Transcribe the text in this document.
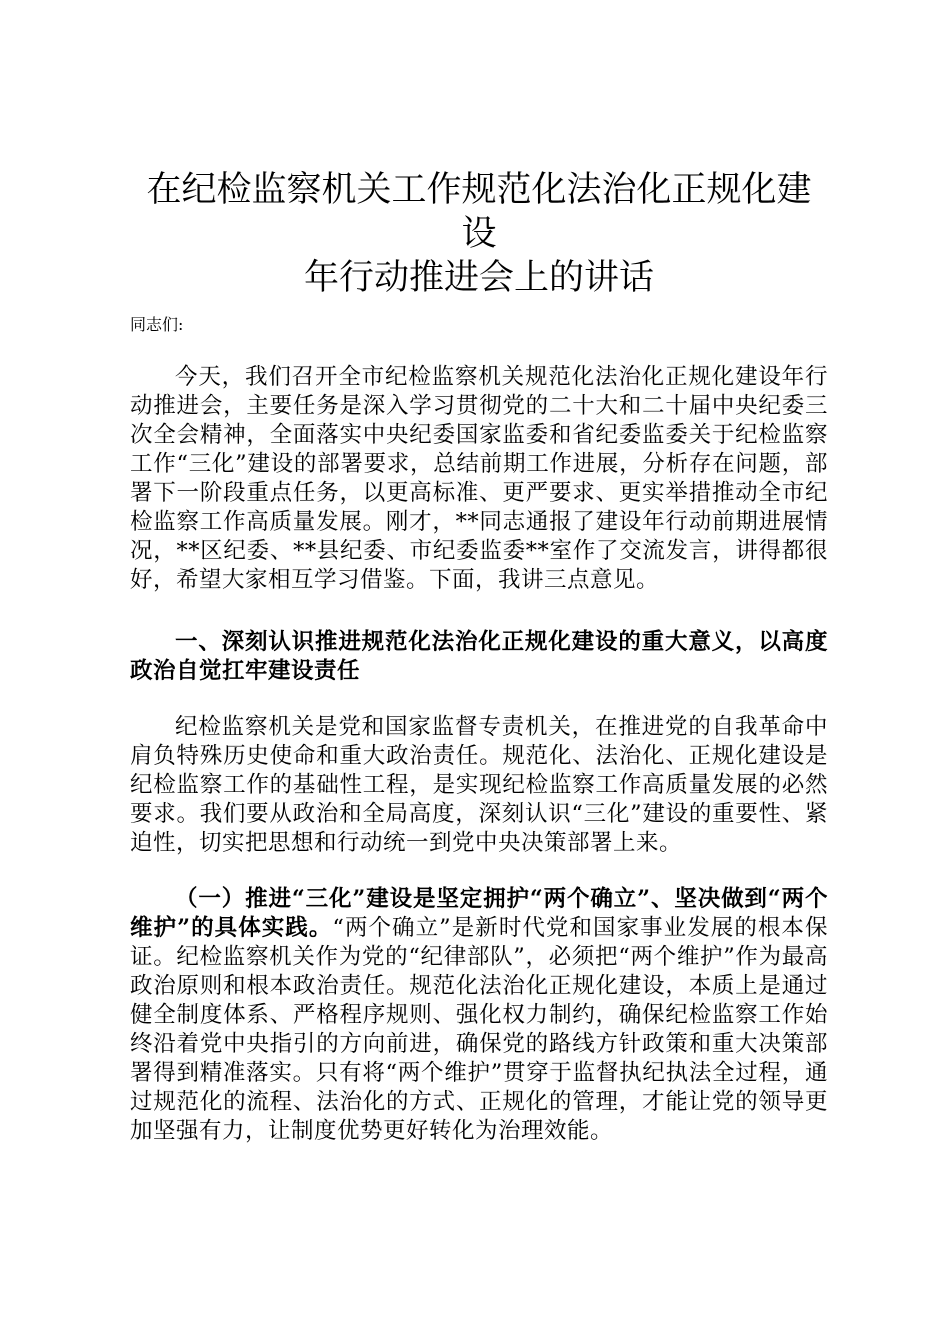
在纪检监察机关工作规范化法治化正规化建设
年行动推进会上的讲话

同志们:

今天，我们召开全市纪检监察机关规范化法治化正规化建设年行动推进会，主要任务是深入学习贯彻党的二十大和二十届中央纪委三次全会精神，全面落实中央纪委国家监委和省纪委监委关于纪检监察工作“三化”建设的部署要求，总结前期工作进展，分析存在问题，部署下一阶段重点任务，以更高标准、更严要求、更实举措推动全市纪检监察工作高质量发展。刚才，**同志通报了建设年行动前期进展情况，**区纪委、**县纪委、市纪委监委**室作了交流发言，讲得都很好，希望大家相互学习借鉴。下面，我讲三点意见。

一、深刻认识推进规范化法治化正规化建设的重大意义，以高度政治自觉扛牢建设责任

纪检监察机关是党和国家监督专责机关，在推进党的自我革命中肩负特殊历史使命和重大政治责任。规范化、法治化、正规化建设是纪检监察工作的基础性工程，是实现纪检监察工作高质量发展的必然要求。我们要从政治和全局高度，深刻认识“三化”建设的重要性、紧迫性，切实把思想和行动统一到党中央决策部署上来。

（一）推进“三化”建设是坚定拥护“两个确立”、坚决做到“两个维护”的具体实践。“两个确立”是新时代党和国家事业发展的根本保证。纪检监察机关作为党的“纪律部队”，必须把“两个维护”作为最高政治原则和根本政治责任。规范化法治化正规化建设，本质上是通过健全制度体系、严格程序规则、强化权力制约，确保纪检监察工作始终沿着党中央指引的方向前进，确保党的路线方针政策和重大决策部署得到精准落实。只有将“两个维护”贯穿于监督执纪执法全过程，通过规范化的流程、法治化的方式、正规化的管理，才能让党的领导更加坚强有力，让制度优势更好转化为治理效能。
